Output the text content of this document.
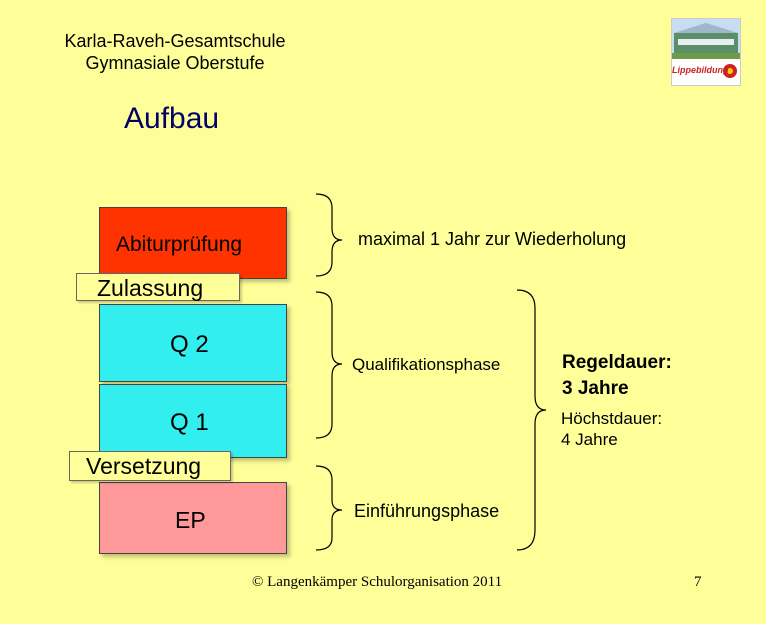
Karla-Raveh-Gesamtschule
Gymnasiale Oberstufe	Lippebildung
Aufbau
Abiturprüfung
Q 2
Q 1
EP
Zulassung
Versetzung
maximal 1 Jahr zur Wiederholung
Qualifikationsphase
Einführungsphase
Regeldauer:
3 Jahre
Höchstdauer:
4 Jahre
© Langenkämper Schulorganisation 2011	7
